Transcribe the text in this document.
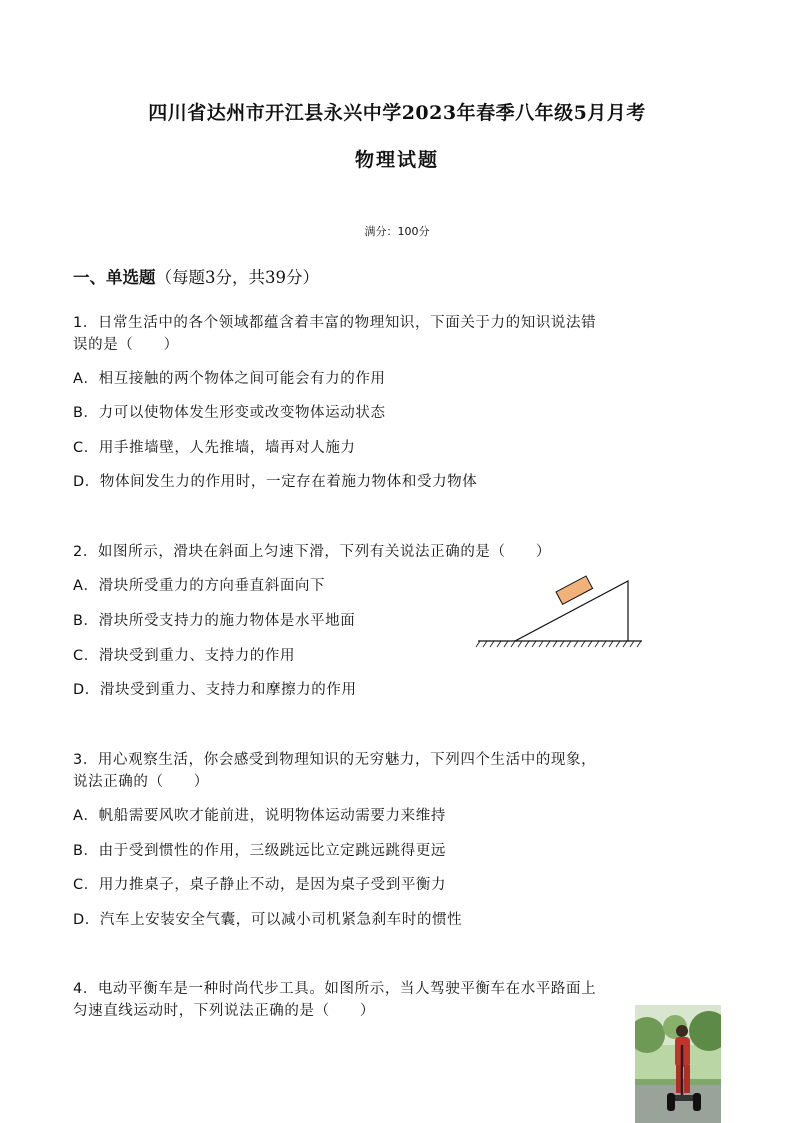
四川省达州市开江县永兴中学2023年春季八年级5月月考
物理试题
满分：100分
一、单选题（每题3分，共39分）
1．日常生活中的各个领域都蕴含着丰富的物理知识，下面关于力的知识说法错
误的是（　　）
A．相互接触的两个物体之间可能会有力的作用
B．力可以使物体发生形变或改变物体运动状态
C．用手推墙壁，人先推墙，墙再对人施力
D．物体间发生力的作用时，一定存在着施力物体和受力物体
2．如图所示，滑块在斜面上匀速下滑，下列有关说法正确的是（　　）
A．滑块所受重力的方向垂直斜面向下
B．滑块所受支持力的施力物体是水平地面
C．滑块受到重力、支持力的作用
D．滑块受到重力、支持力和摩擦力的作用
3．用心观察生活，你会感受到物理知识的无穷魅力，下列四个生活中的现象，
说法正确的（　　）
A．帆船需要风吹才能前进，说明物体运动需要力来维持
B．由于受到惯性的作用，三级跳远比立定跳远跳得更远
C．用力推桌子，桌子静止不动，是因为桌子受到平衡力
D．汽车上安装安全气囊，可以减小司机紧急刹车时的惯性
4．电动平衡车是一种时尚代步工具。如图所示，当人驾驶平衡车在水平路面上
匀速直线运动时，下列说法正确的是（　　）
